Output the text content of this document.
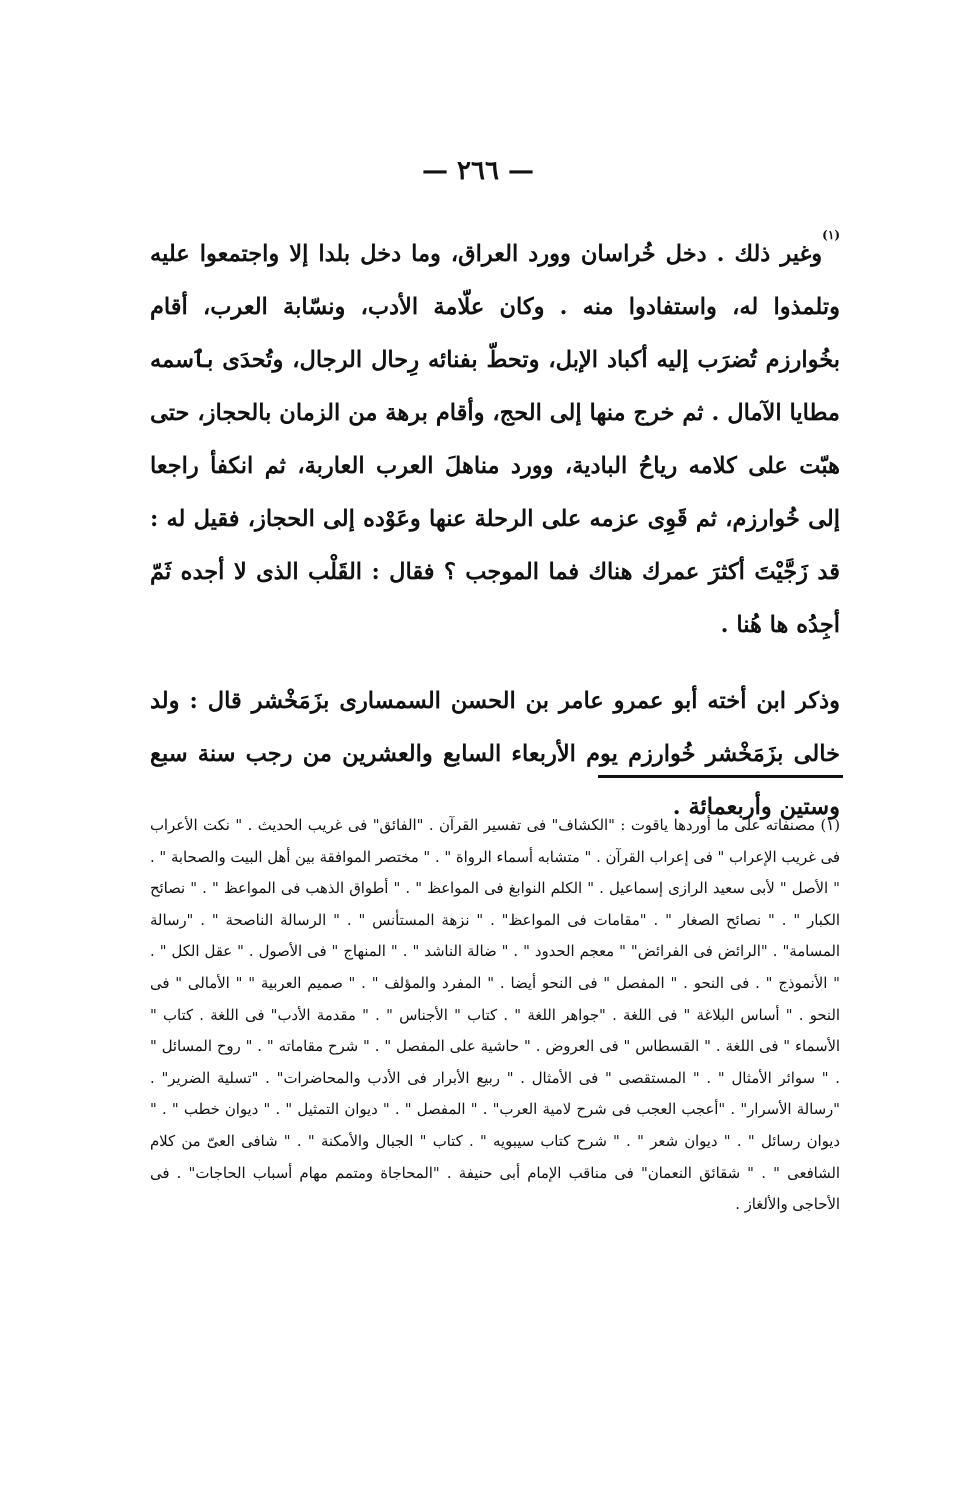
— ٢٦٦ —

$^{(١)}$وغير ذلك . دخل خُراسان وورد العراق، وما دخل بلدا إلا واجتمعوا عليه وتلمذوا له، واستفادوا منه . وكان علّامة الأدب، ونسّابة العرب، أقام بخُوارزم تُضرَب إليه أكباد الإبل، وتحطّ بفنائه رِحال الرجال، وتُحدَى بٱسمه مطايا الآمال . ثم خرج منها إلى الحج، وأقام برهة من الزمان بالحجاز، حتى هبّت على كلامه رياحُ البادية، وورد مناهلَ العرب العاربة، ثم انكفأ راجعا إلى خُوارزم، ثم قَوِى عزمه على الرحلة عنها وعَوْده إلى الحجاز، فقيل له : قد زَجَّيْتَ أكثرَ عمرك هناك فما الموجب ؟ فقال : القَلْب الذى لا أجده ثَمّ أجِدُه ها هُنا .

وذكر ابن أخته أبو عمرو عامر بن الحسن السمسارى بزَمَخْشر قال : ولد خالى بزَمَخْشر خُوارزم يوم الأربعاء السابع والعشرين من رجب سنة سبع وستين وأربعمائة .

(١) مصنفاته على ما أوردها ياقوت : "الكشاف" فى تفسير القرآن . "الفائق" فى غريب الحديث . " نكت الأعراب فى غريب الإعراب " فى إعراب القرآن . " متشابه أسماء الرواة " . " مختصر الموافقة بين أهل البيت والصحابة " . " الأصل " لأبى سعيد الرازى إسماعيل . " الكلم النوابغ فى المواعظ " . " أطواق الذهب فى المواعظ " . " نصائح الكبار " . " نصائح الصغار " . "مقامات فى المواعظ" . " نزهة المستأنس " . " الرسالة الناصحة " . "رسالة المسامة" . "الرائض فى الفرائض" " معجم الحدود " . " ضالة الناشد " . " المنهاج " فى الأصول . " عقل الكل " . " الأنموذج " . فى النحو . " المفصل " فى النحو أيضا . " المفرد والمؤلف " . " صميم العربية " " الأمالى " فى النحو . " أساس البلاغة " فى اللغة . "جواهر اللغة " . كتاب " الأجناس " . " مقدمة الأدب" فى اللغة . كتاب " الأسماء " فى اللغة . " القسطاس " فى العروض . " حاشية على المفصل " . " شرح مقاماته " . " روح المسائل " . " سوائر الأمثال " . " المستقصى " فى الأمثال . " ربيع الأبرار فى الأدب والمحاضرات" . "تسلية الضرير" . "رسالة الأسرار" . "أعجب العجب فى شرح لامية العرب" . " المفصل " . " ديوان التمثيل " . " ديوان خطب " . " ديوان رسائل " . " ديوان شعر " . " شرح كتاب سيبويه " . كتاب " الجبال والأمكنة " . " شافى العىّ من كلام الشافعى " . " شقائق النعمان" فى مناقب الإمام أبى حنيفة . "المحاجاة ومتمم مهام أسباب الحاجات" . فى الأحاجى والألغاز .
